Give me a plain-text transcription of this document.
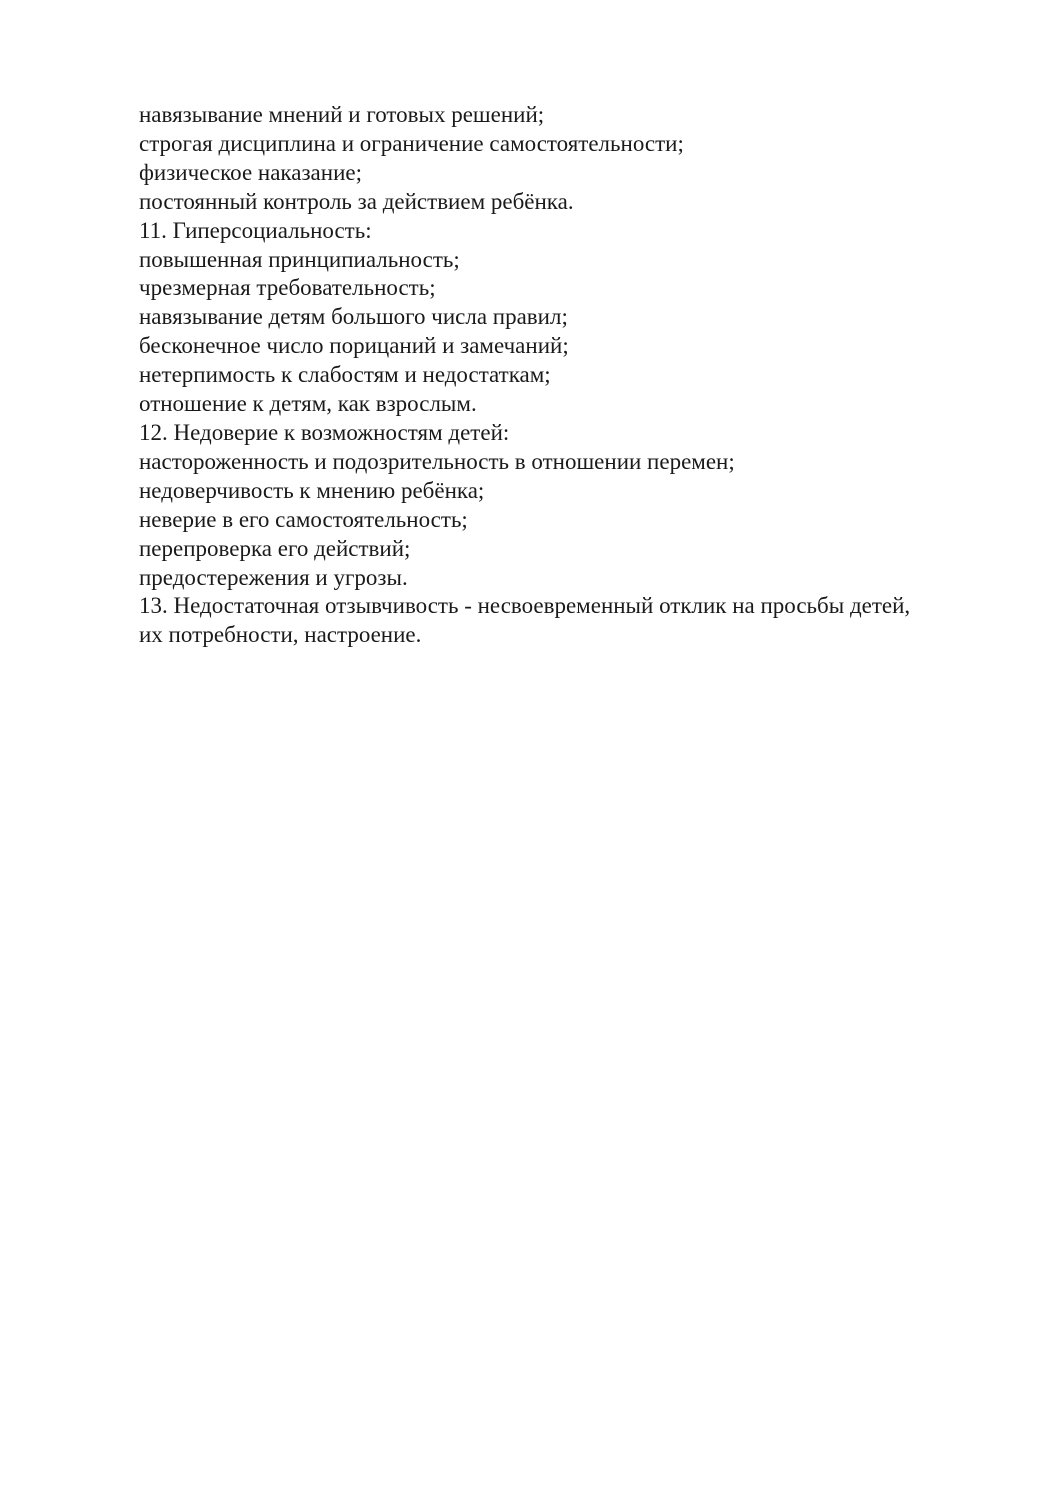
навязывание мнений и готовых решений;
строгая дисциплина и ограничение самостоятельности;
физическое наказание;
постоянный контроль за действием ребёнка.
11. Гиперсоциальность:
повышенная принципиальность;
чрезмерная требовательность;
навязывание детям большого числа правил;
бесконечное число порицаний и замечаний;
нетерпимость к слабостям и недостаткам;
отношение к детям, как взрослым.
12. Недоверие к возможностям детей:
настороженность и подозрительность в отношении перемен;
недоверчивость к мнению ребёнка;
неверие в его самостоятельность;
перепроверка его действий;
предостережения и угрозы.
13. Недостаточная отзывчивость - несвоевременный отклик на просьбы детей,
их потребности, настроение.
